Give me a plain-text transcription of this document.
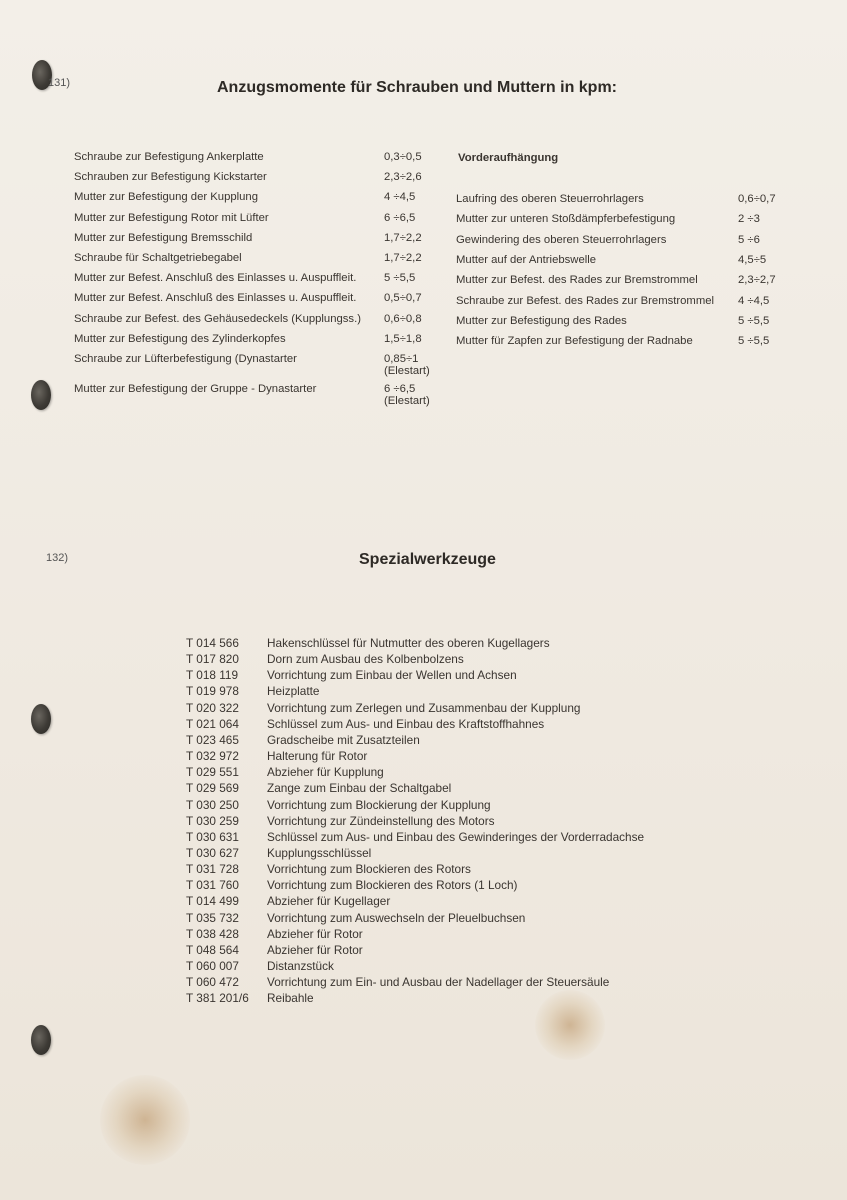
131)	Anzugsmomente für Schrauben und Muttern in kpm:
Schraube zur Befestigung Ankerplatte	0,3÷0,5
Schrauben zur Befestigung Kickstarter	2,3÷2,6
Mutter zur Befestigung der Kupplung	4 ÷4,5
Mutter zur Befestigung Rotor mit Lüfter	6 ÷6,5
Mutter zur Befestigung Bremsschild	1,7÷2,2
Schraube für Schaltgetriebegabel	1,7÷2,2
Mutter zur Befest. Anschluß des Einlasses u. Auspuffleit. 5 ÷5,5
Mutter zur Befest. Anschluß des Einlasses u. Auspuffleit. 0,5÷0,7
Schraube zur Befest. des Gehäusedeckels (Kupplungss.) 0,6÷0,8
Mutter zur Befestigung des Zylinderkopfes	1,5÷1,8
Schraube zur Lüfterbefestigung (Dynastarter	0,85÷1
(Elestart)
Mutter zur Befestigung der Gruppe - Dynastarter	6 ÷6,5
(Elestart)
Vorderaufhängung
Laufring des oberen Steuerrohrlagers	0,6÷0,7
Mutter zur unteren Stoßdämpferbefestigung	2 ÷3
Gewindering des oberen Steuerrohrlagers	5 ÷6
Mutter auf der Antriebswelle	4,5÷5
Mutter zur Befest. des Rades zur Bremstrommel	2,3÷2,7
Schraube zur Befest. des Rades zur Bremstrommel 4 ÷4,5
Mutter zur Befestigung des Rades	5 ÷5,5
Mutter für Zapfen zur Befestigung der Radnabe	5 ÷5,5
132)	Spezialwerkzeuge
T 014 566 Hakenschlüssel für Nutmutter des oberen Kugellagers
T 017 820 Dorn zum Ausbau des Kolbenbolzens
T 018 119 Vorrichtung zum Einbau der Wellen und Achsen
T 019 978 Heizplatte
T 020 322 Vorrichtung zum Zerlegen und Zusammenbau der Kupplung
T 021 064 Schlüssel zum Aus- und Einbau des Kraftstoffhahnes
T 023 465 Gradscheibe mit Zusatzteilen
T 032 972 Halterung für Rotor
T 029 551 Abzieher für Kupplung
T 029 569 Zange zum Einbau der Schaltgabel
T 030 250 Vorrichtung zum Blockierung der Kupplung
T 030 259 Vorrichtung zur Zündeinstellung des Motors
T 030 631 Schlüssel zum Aus- und Einbau des Gewinderinges der Vorderradachse
T 030 627 Kupplungsschlüssel
T 031 728 Vorrichtung zum Blockieren des Rotors
T 031 760 Vorrichtung zum Blockieren des Rotors (1 Loch)
T 014 499 Abzieher für Kugellager
T 035 732 Vorrichtung zum Auswechseln der Pleuelbuchsen
T 038 428 Abzieher für Rotor
T 048 564 Abzieher für Rotor
T 060 007 Distanzstück
T 060 472 Vorrichtung zum Ein- und Ausbau der Nadellager der Steuersäule
T 381 201/6 Reibahle
